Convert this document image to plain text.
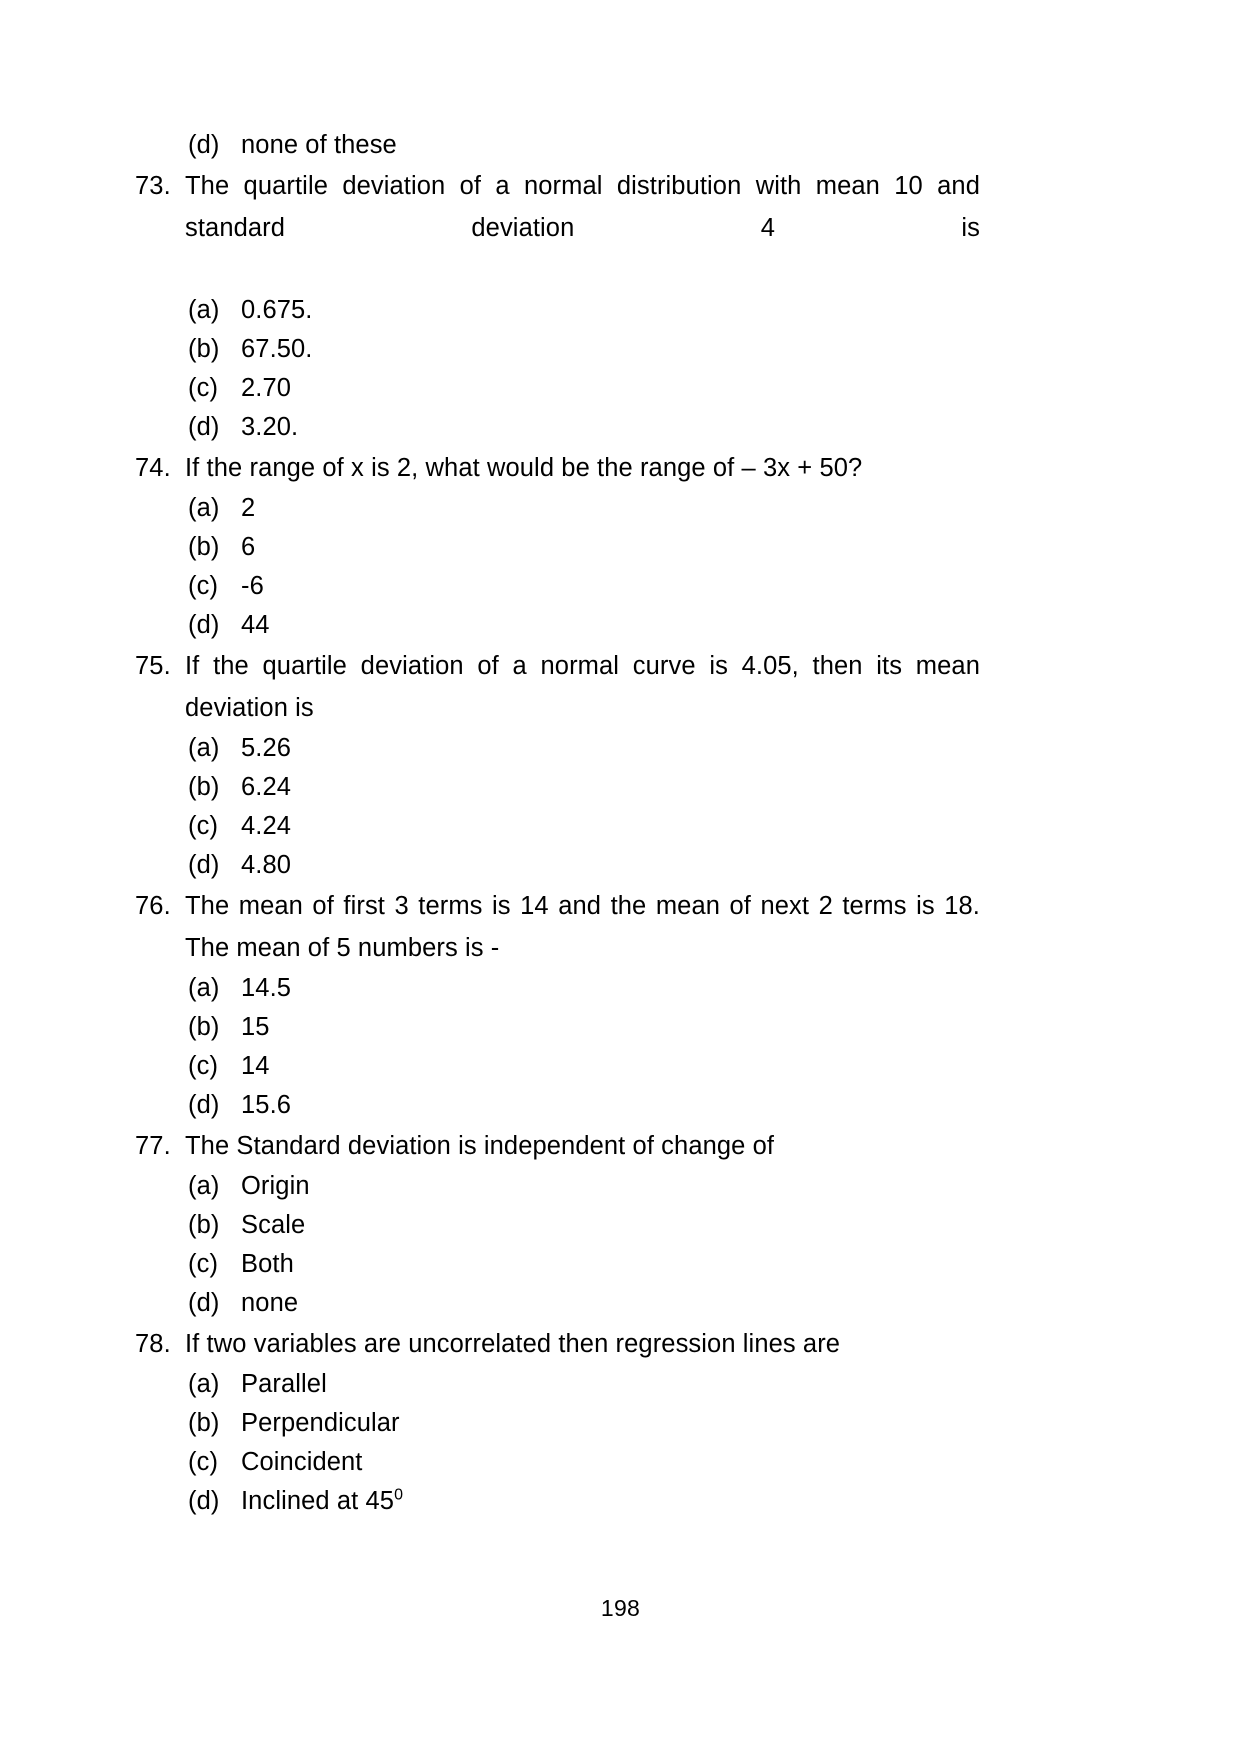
(d) none of these
73. The quartile deviation of a normal distribution with mean 10 and standard deviation 4 is
(a) 0.675.
(b) 67.50.
(c) 2.70
(d) 3.20.
74. If the range of x is 2, what would be the range of – 3x + 50?
(a) 2
(b) 6
(c) -6
(d) 44
75. If the quartile deviation of a normal curve is 4.05, then its mean deviation is
(a) 5.26
(b) 6.24
(c) 4.24
(d) 4.80
76. The mean of first 3 terms is 14 and the mean of next 2 terms is 18. The mean of 5 numbers is -
(a) 14.5
(b) 15
(c) 14
(d) 15.6
77. The Standard deviation is independent of change of
(a) Origin
(b) Scale
(c) Both
(d) none
78. If two variables are uncorrelated then regression lines are
(a) Parallel
(b) Perpendicular
(c) Coincident
(d) Inclined at $45^0$
198
